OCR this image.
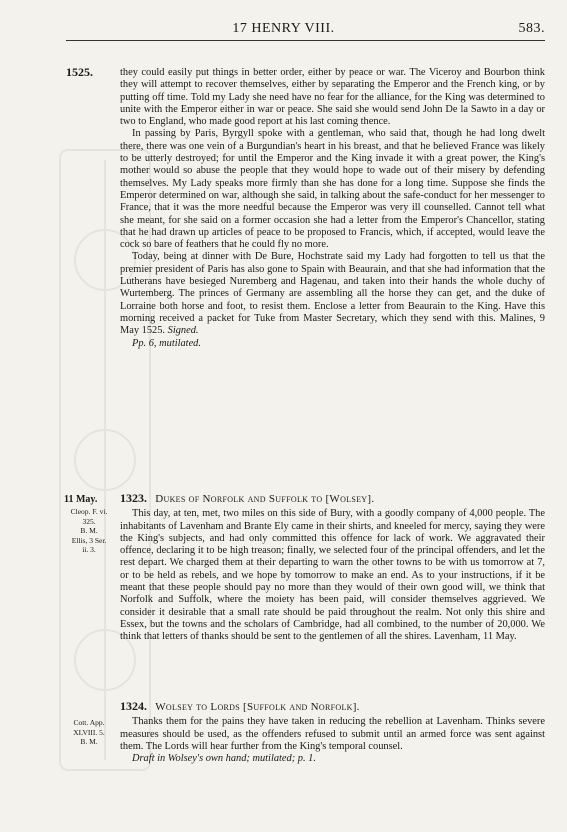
17 HENRY VIII.	583.
1525.	they could easily put things in better order, either by peace or war. The Viceroy and Bourbon think they will attempt to recover themselves, either by separating the Emperor and the French king, or by putting off time. Told my Lady she need have no fear for the alliance, for the King was determined to unite with the Emperor either in war or peace. She said she would send John De la Sawto in a day or two to England, who made good report at his last coming thence.

In passing by Paris, Byrgyll spoke with a gentleman, who said that, though he had long dwelt there, there was one vein of a Burgundian's heart in his breast, and that he believed France was likely to be utterly destroyed; for until the Emperor and the King invade it with a great power, the King's mother would so abuse the people that they would hope to wade out of their misery by defending themselves. My Lady speaks more firmly than she has done for a long time. Suppose she finds the Emperor determined on war, although she said, in talking about the safe-conduct for her messenger to France, that it was the more needful because the Emperor was very ill counselled. Cannot tell what she meant, for she said on a former occasion she had a letter from the Emperor's Chancellor, stating that he had drawn up articles of peace to be proposed to Francis, which, if accepted, would leave the cock so bare of feathers that he could fly no more.

Today, being at dinner with De Bure, Hochstrate said my Lady had forgotten to tell us that the premier president of Paris has also gone to Spain with Beaurain, and that she had information that the Lutherans have besieged Nuremberg and Hagenau, and taken into their hands the whole duchy of Wurtemberg. The princes of Germany are assembling all the horse they can get, and the duke of Lorraine both horse and foot, to resist them. Enclose a letter from Beaurain to the King. Have this morning received a packet for Tuke from Master Secretary, which they send with this. Malines, 9 May 1525. Signed.

Pp. 6, mutilated.

11 May.
Cleop. F. vi.
325.
B. M.
Ellis, 3 Ser.
ii. 3.
1323. Dukes of Norfolk and Suffolk to [Wolsey].

This day, at ten, met, two miles on this side of Bury, with a goodly company of 4,000 people. The inhabitants of Lavenham and Brante Ely came in their shirts, and kneeled for mercy, saying they were the King's subjects, and had only committed this offence for lack of work. We aggravated their offence, declaring it to be high treason; finally, we selected four of the principal offenders, and let the rest depart. We charged them at their departing to warn the other towns to be with us tomorrow at 7, or to be held as rebels, and we hope by tomorrow to make an end. As to your instructions, if it be meant that these people should pay no more than they would of their own good will, we think that Norfolk and Suffolk, where the moiety has been paid, will consider themselves aggrieved. We consider it desirable that a small rate should be paid throughout the realm. Not only this shire and Essex, but the towns and the scholars of Cambridge, had all combined, to the number of 20,000. We think that letters of thanks should be sent to the gentlemen of all the shires. Lavenham, 11 May.

Cott. App.
XLVIII. 5.
B. M.
1324. Wolsey to Lords [Suffolk and Norfolk].

Thanks them for the pains they have taken in reducing the rebellion at Lavenham. Thinks severe measures should be used, as the offenders refused to submit until an armed force was sent against them. The Lords will hear further from the King's temporal counsel.

Draft in Wolsey's own hand; mutilated; p. 1.
